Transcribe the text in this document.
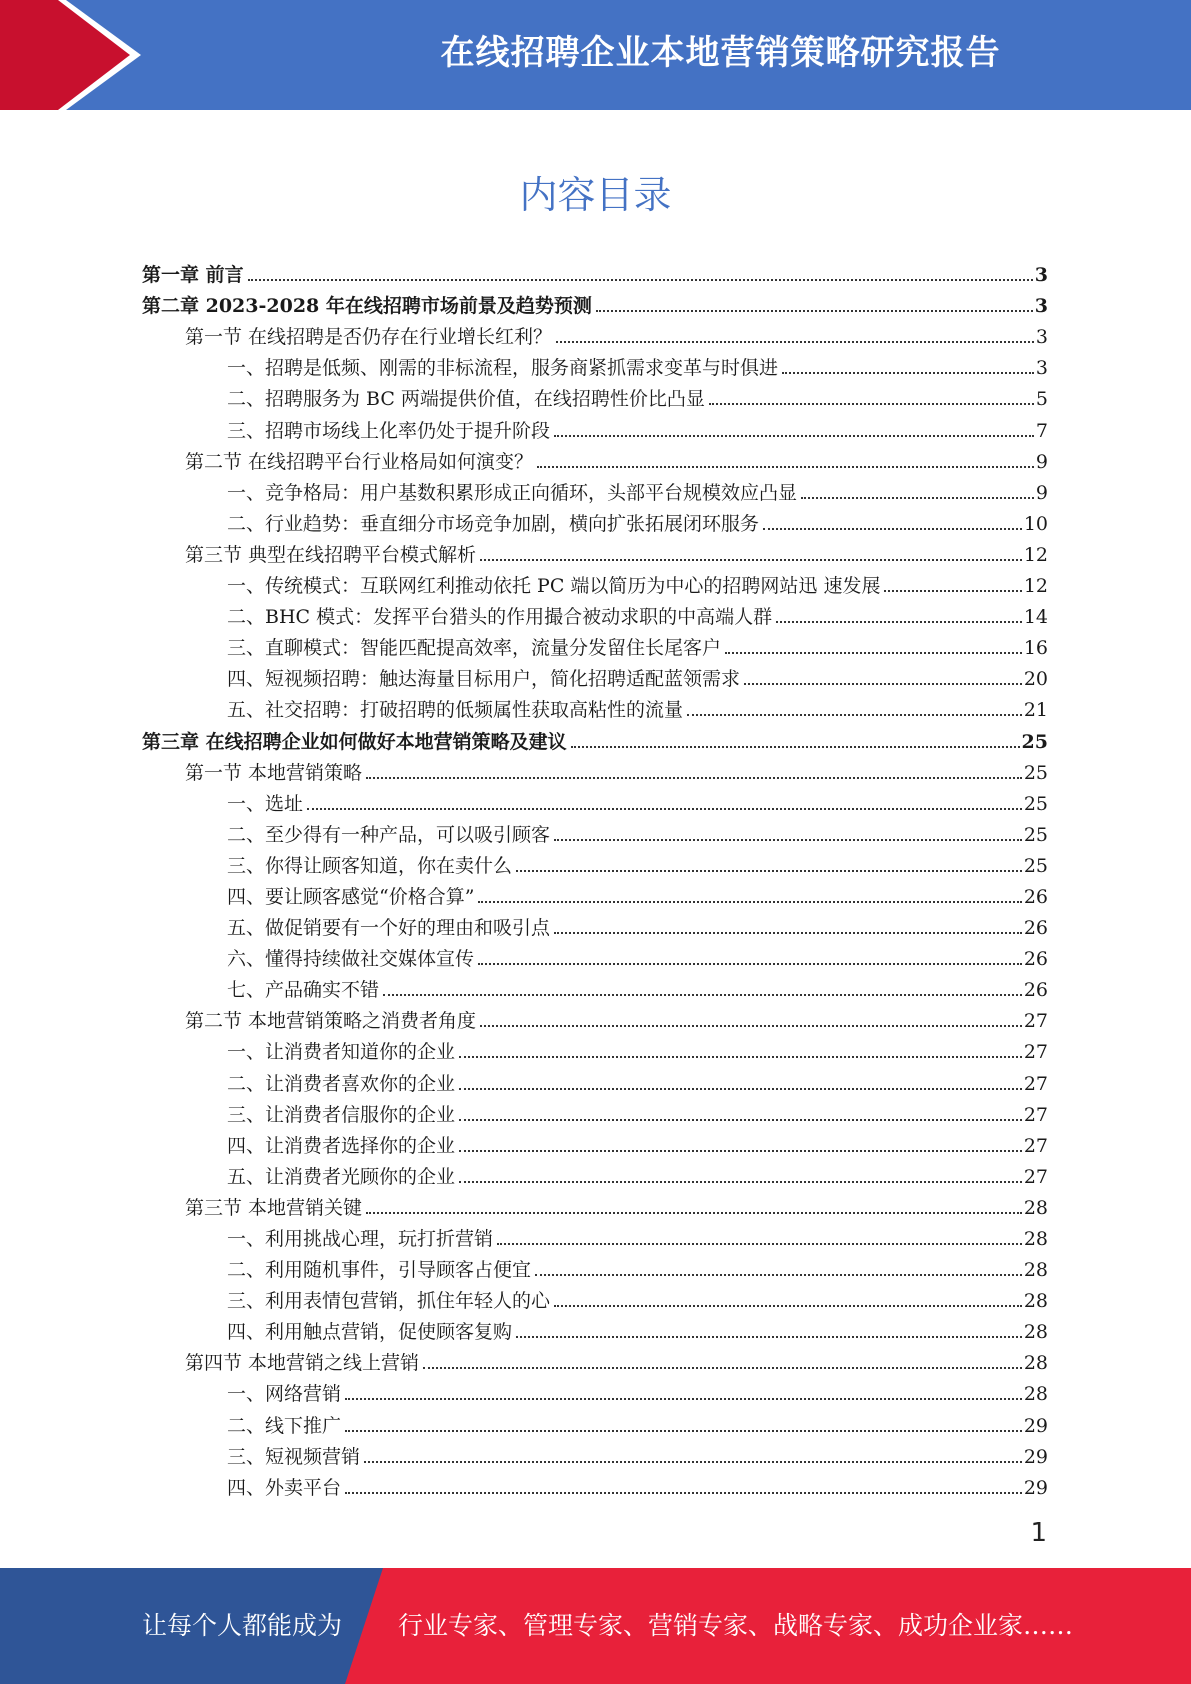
在线招聘企业本地营销策略研究报告
内容目录
第一章 前言	3
第二章 2023-2028 年在线招聘市场前景及趋势预测	3
第一节 在线招聘是否仍存在行业增长红利？	3
一、招聘是低频、刚需的非标流程，服务商紧抓需求变革与时俱进	3
二、招聘服务为 BC 两端提供价值，在线招聘性价比凸显	5
三、招聘市场线上化率仍处于提升阶段	7
第二节 在线招聘平台行业格局如何演变？	9
一、竞争格局：用户基数积累形成正向循环，头部平台规模效应凸显	9
二、行业趋势：垂直细分市场竞争加剧，横向扩张拓展闭环服务	10
第三节 典型在线招聘平台模式解析	12
一、传统模式：互联网红利推动依托 PC 端以简历为中心的招聘网站迅 速发展	12
二、BHC 模式：发挥平台猎头的作用撮合被动求职的中高端人群	14
三、直聊模式：智能匹配提高效率，流量分发留住长尾客户	16
四、短视频招聘：触达海量目标用户，简化招聘适配蓝领需求	20
五、社交招聘：打破招聘的低频属性获取高粘性的流量	21
第三章 在线招聘企业如何做好本地营销策略及建议	25
第一节 本地营销策略	25
一、选址	25
二、至少得有一种产品，可以吸引顾客	25
三、你得让顾客知道，你在卖什么	25
四、要让顾客感觉“价格合算”	26
五、做促销要有一个好的理由和吸引点	26
六、懂得持续做社交媒体宣传	26
七、产品确实不错	26
第二节 本地营销策略之消费者角度	27
一、让消费者知道你的企业	27
二、让消费者喜欢你的企业	27
三、让消费者信服你的企业	27
四、让消费者选择你的企业	27
五、让消费者光顾你的企业	27
第三节 本地营销关键	28
一、利用挑战心理，玩打折营销	28
二、利用随机事件，引导顾客占便宜	28
三、利用表情包营销，抓住年轻人的心	28
四、利用触点营销，促使顾客复购	28
第四节 本地营销之线上营销	28
一、网络营销	28
二、线下推广	29
三、短视频营销	29
四、外卖平台	29
1
让每个人都能成为 行业专家、管理专家、营销专家、战略专家、成功企业家……
